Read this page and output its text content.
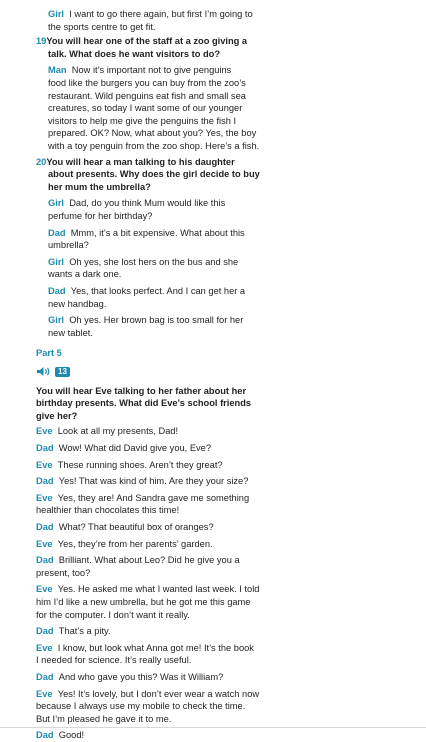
Girl I want to go there again, but first I’m going to
the sports centre to get fit.
19You will hear one of the staff at a zoo giving a
talk. What does he want visitors to do?
Man Now it’s important not to give penguins
food like the burgers you can buy from the zoo’s
restaurant. Wild penguins eat fish and small sea
creatures, so today I want some of our younger
visitors to help me give the penguins the fish I
prepared. OK? Now, what about you? Yes, the boy
with a toy penguin from the zoo shop. Here’s a fish.
20You will hear a man talking to his daughter
about presents. Why does the girl decide to buy
her mum the umbrella?
Girl Dad, do you think Mum would like this
perfume for her birthday?
Dad Mmm, it’s a bit expensive. What about this
umbrella?
Girl Oh yes, she lost hers on the bus and she
wants a dark one.
Dad Yes, that looks perfect. And I can get her a
new handbag.
Girl Oh yes. Her brown bag is too small for her
new tablet.
Part 5
You will hear Eve talking to her father about her
birthday presents. What did Eve’s school friends
give her?
Eve Look at all my presents, Dad!
Dad Wow! What did David give you, Eve?
Eve These running shoes. Aren’t they great?
Dad Yes! That was kind of him. Are they your size?
Eve Yes, they are! And Sandra gave me something
healthier than chocolates this time!
Dad What? That beautiful box of oranges?
Eve Yes, they’re from her parents’ garden.
Dad Brilliant. What about Leo? Did he give you a
present, too?
Eve Yes. He asked me what I wanted last week. I told
him I’d like a new umbrella, but he got me this game
for the computer. I don’t want it really.
Dad That’s a pity.
Eve I know, but look what Anna got me! It’s the book
I needed for science. It’s really useful.
Dad And who gave you this? Was it William?
Eve Yes! It’s lovely, but I don’t ever wear a watch now
because I always use my mobile to check the time.
But I’m pleased he gave it to me.
Dad Good!
13
